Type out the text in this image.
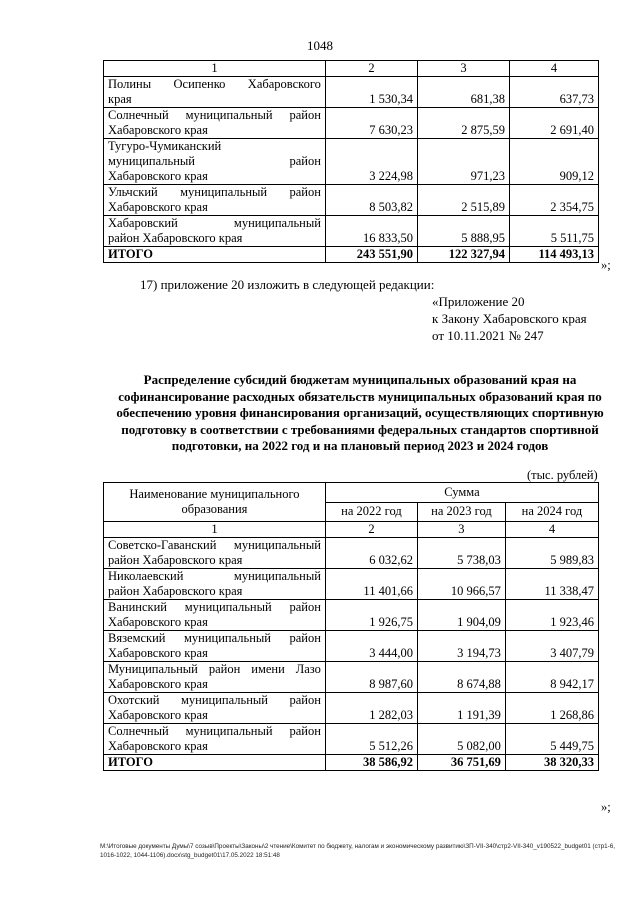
1048
1	2	3	4
Полины Осипенко Хабаровского
края	1 530,34	681,38	637,73
Солнечный муниципальный район
Хабаровского края	7 630,23	2 875,59	2 691,40

Тугуро-Чумиканский
муниципальный район
Хабаровского края	3 224,98	971,23	909,12
Ульчский муниципальный район
Хабаровского края	8 503,82	2 515,89	2 354,75
Хабаровский муниципальный
район Хабаровского края	16 833,50	5 888,95	5 511,75
ИТОГО	243 551,90	122 327,94	114 493,13
»;
17) приложение 20 изложить в следующей редакции:
«Приложение 20
к Закону Хабаровского края
от 10.11.2021 № 247
Распределение субсидий бюджетам муниципальных образований края на софинансирование расходных обязательств муниципальных образований края по обеспечению уровня финансирования организаций, осуществляющих спортивную подготовку в соответствии с требованиями федеральных стандартов спортивной подготовки, на 2022 год и на плановый период 2023 и 2024 годов
(тыс. рублей)
Наименование муниципального образования	Сумма		
	на 2022 год	на 2023 год	на 2024 год
1	2	3	4
Советско-Гаванский муниципальный
район Хабаровского края	6 032,62	5 738,03	5 989,83
Николаевский муниципальный
район Хабаровского края	11 401,66	10 966,57	11 338,47
Ванинский муниципальный район
Хабаровского края	1 926,75	1 904,09	1 923,46
Вяземский муниципальный район
Хабаровского края	3 444,00	3 194,73	3 407,79
Муниципальный район имени Лазо
Хабаровского края	8 987,60	8 674,88	8 942,17
Охотский муниципальный район
Хабаровского края	1 282,03	1 191,39	1 268,86
Солнечный муниципальный район
Хабаровского края	5 512,26	5 082,00	5 449,75
ИТОГО	38 586,92	36 751,69	38 320,33
»;
М:\Итоговые документы Думы\7 созыв\Проекты\Законы\2 чтение\Комитет по бюджету, налогам и экономическому развитию\ЗП-VII-340\стр2-VII-340_v190522_budget01 (стр1-6, 1016-1022, 1044-1106).docx\stg_budget01\17.05.2022 18:51:48
